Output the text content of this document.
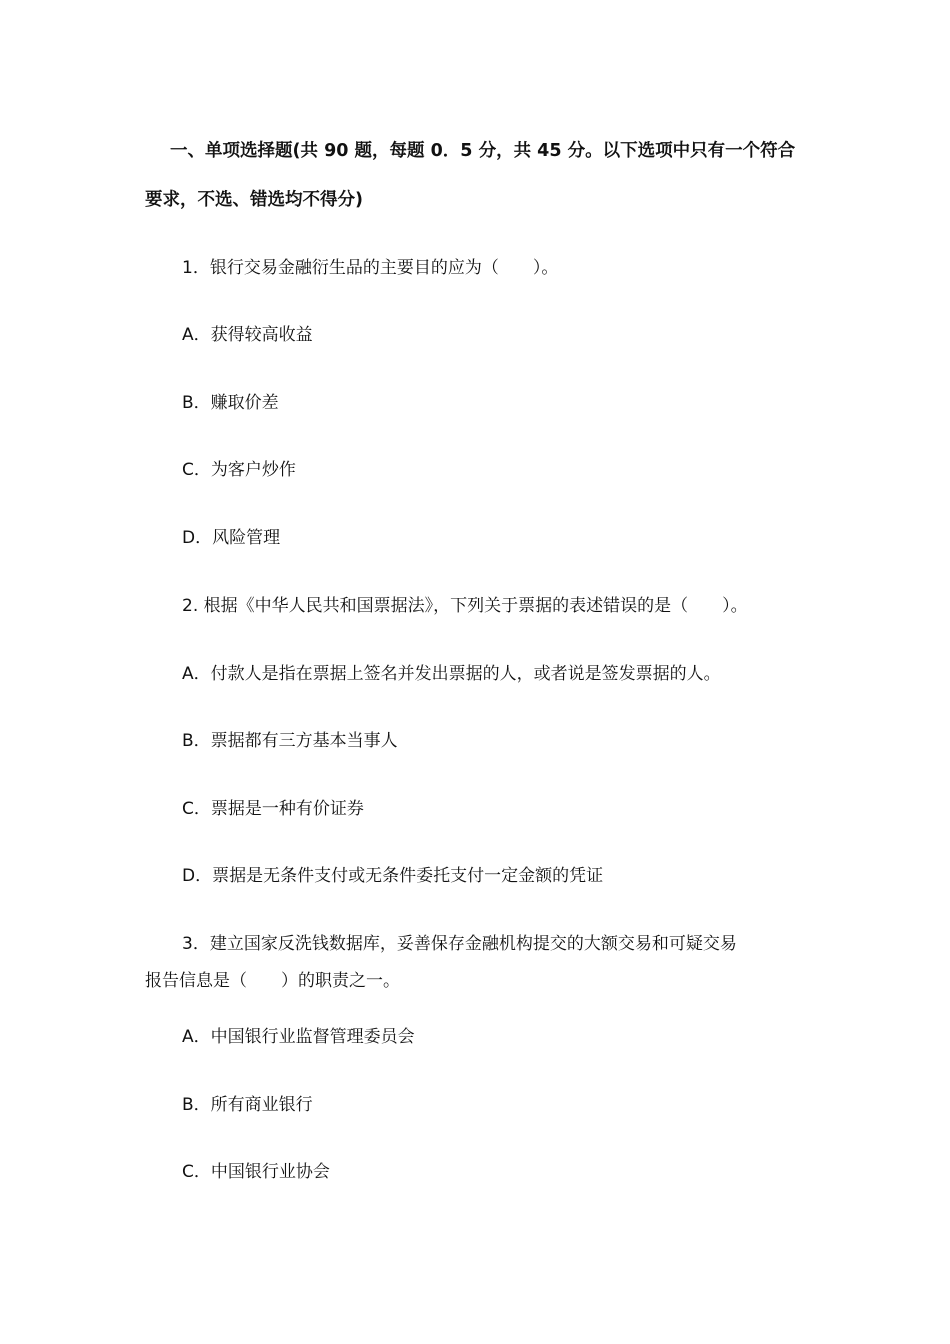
一、单项选择题(共 90 题，每题 0．5 分，共 45 分。以下选项中只有一个符合
要求，不选、错选均不得分)
1．银行交易金融衍生品的主要目的应为（　　）。
A．获得较高收益
B．赚取价差
C．为客户炒作
D．风险管理
2. 根据《中华人民共和国票据法》，下列关于票据的表述错误的是（　　）。
A．付款人是指在票据上签名并发出票据的人，或者说是签发票据的人。
B．票据都有三方基本当事人
C．票据是一种有价证券
D．票据是无条件支付或无条件委托支付一定金额的凭证
3．建立国家反洗钱数据库，妥善保存金融机构提交的大额交易和可疑交易
报告信息是（　　）的职责之一。
A．中国银行业监督管理委员会
B．所有商业银行
C．中国银行业协会
